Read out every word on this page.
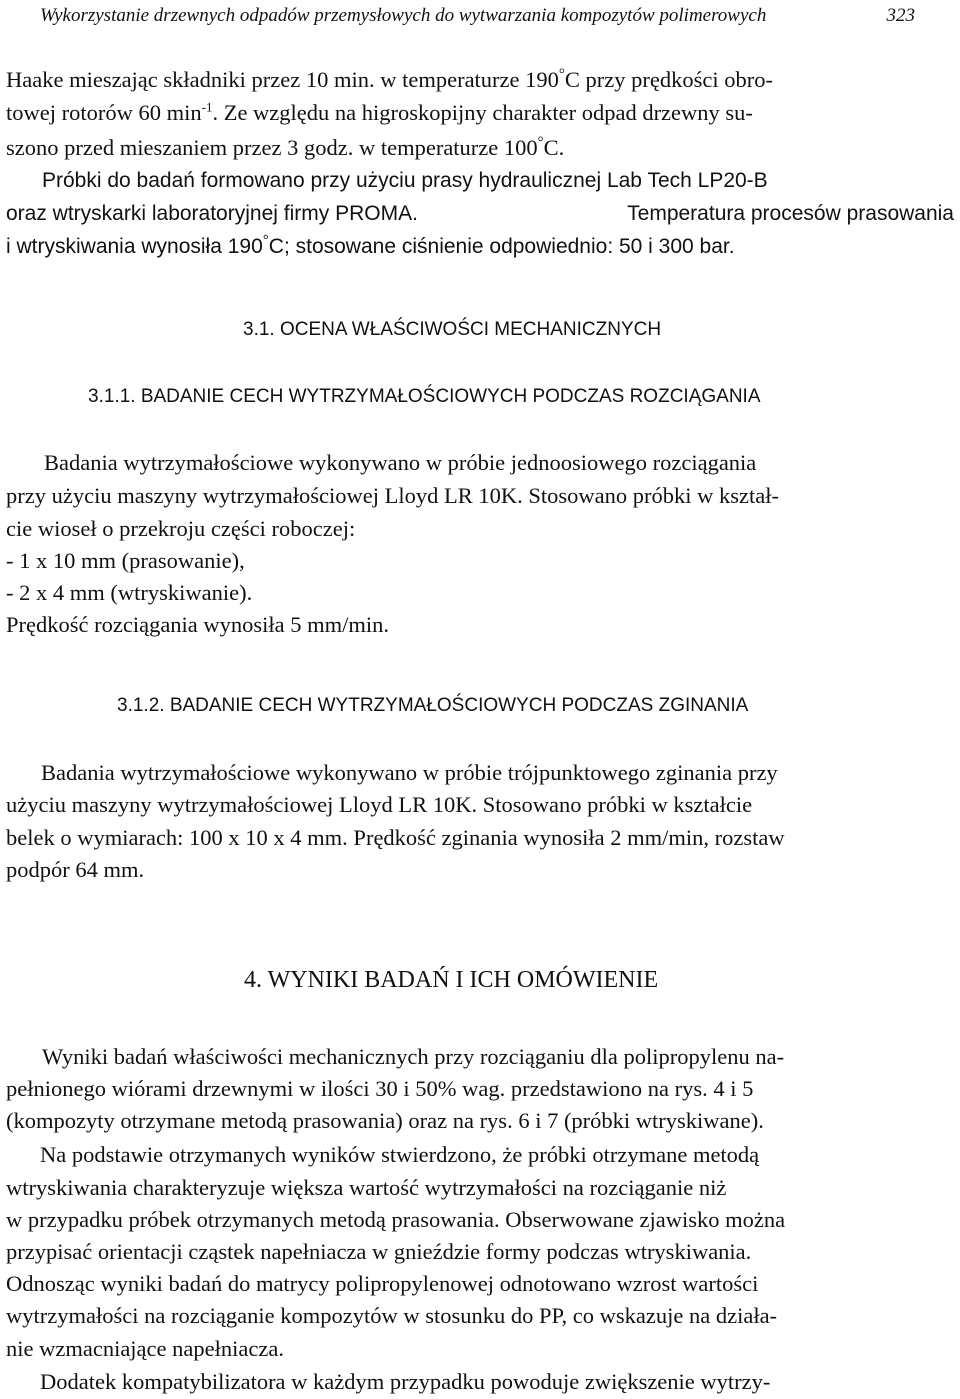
Wykorzystanie drzewnych odpadów przemysłowych do wytwarzania kompozytów polimerowych	323
Haake mieszając składniki przez 10 min. w temperaturze 190°C przy prędkości obro-
towej rotorów 60 $\min^{-1}$. Ze względu na higroskopijny charakter odpad drzewny su-
szono przed mieszaniem przez 3 godz. w temperaturze 100°C.
Próbki do badań formowano przy użyciu prasy hydraulicznej Lab Tech LP20-B
oraz wtryskarki laboratoryjnej firmy PROMA.	Temperatura procesów prasowania
i wtryskiwania wynosiła 190°C; stosowane ciśnienie odpowiednio: 50 i 300 bar.
3.1. OCENA WŁAŚCIWOŚCI MECHANICZNYCH
3.1.1. BADANIE CECH WYTRZYMAŁOŚCIOWYCH PODCZAS ROZCIĄGANIA
Badania wytrzymałościowe wykonywano w próbie jednoosiowego rozciągania
przy użyciu maszyny wytrzymałościowej Lloyd LR 10K. Stosowano próbki w kształ-
cie wioseł o przekroju części roboczej:
- 1 x 10 mm (prasowanie),
- 2 x 4 mm (wtryskiwanie).
Prędkość rozciągania wynosiła 5 mm/min.
3.1.2. BADANIE CECH WYTRZYMAŁOŚCIOWYCH PODCZAS ZGINANIA
Badania wytrzymałościowe wykonywano w próbie trójpunktowego zginania przy
użyciu maszyny wytrzymałościowej Lloyd LR 10K. Stosowano próbki w kształcie
belek o wymiarach: 100 x 10 x 4 mm. Prędkość zginania wynosiła 2 mm/min, rozstaw
podpór 64 mm.
4. WYNIKI BADAŃ I ICH OMÓWIENIE
Wyniki badań właściwości mechanicznych przy rozciąganiu dla polipropylenu na-
pełnionego wiórami drzewnymi w ilości 30 i 50% wag. przedstawiono na rys. 4 i 5
(kompozyty otrzymane metodą prasowania) oraz na rys. 6 i 7 (próbki wtryskiwane).
Na podstawie otrzymanych wyników stwierdzono, że próbki otrzymane metodą
wtryskiwania charakteryzuje większa wartość wytrzymałości na rozciąganie niż
w przypadku próbek otrzymanych metodą prasowania. Obserwowane zjawisko można
przypisać orientacji cząstek napełniacza w gnieździe formy podczas wtryskiwania.
Odnosząc wyniki badań do matrycy polipropylenowej odnotowano wzrost wartości
wytrzymałości na rozciąganie kompozytów w stosunku do PP, co wskazuje na działa-
nie wzmacniające napełniacza.
Dodatek kompatybilizatora w każdym przypadku powoduje zwiększenie wytrzy-
